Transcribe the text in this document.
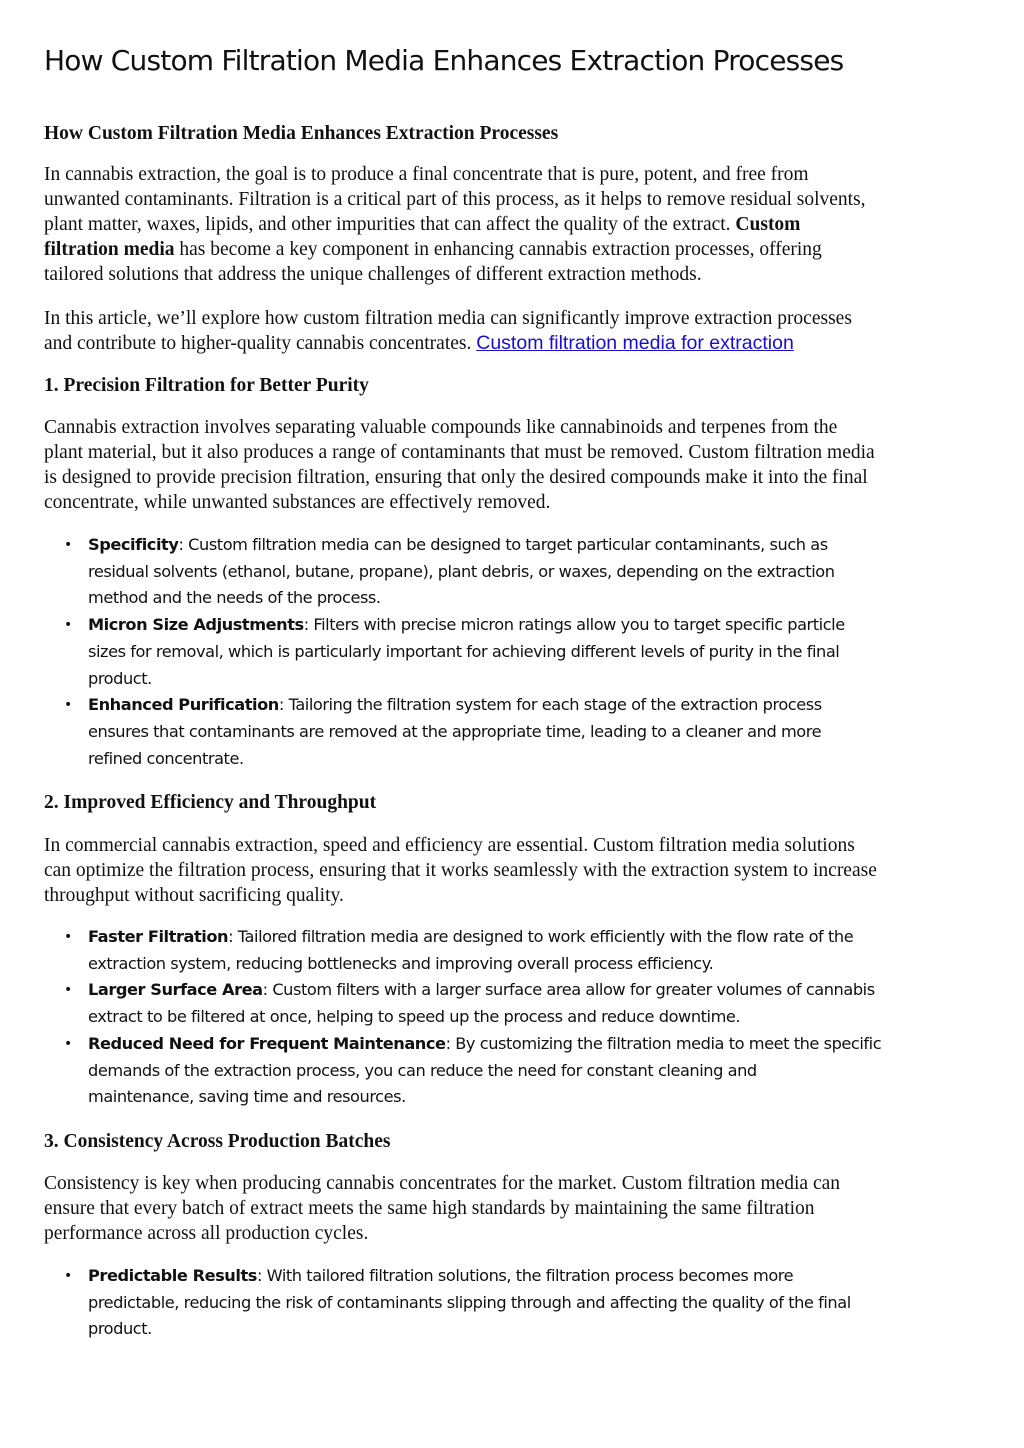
How Custom Filtration Media Enhances Extraction Processes
How Custom Filtration Media Enhances Extraction Processes

In cannabis extraction, the goal is to produce a final concentrate that is pure, potent, and free from
unwanted contaminants. Filtration is a critical part of this process, as it helps to remove residual solvents,
plant matter, waxes, lipids, and other impurities that can affect the quality of the extract. Custom
filtration media has become a key component in enhancing cannabis extraction processes, offering
tailored solutions that address the unique challenges of different extraction methods.

In this article, we’ll explore how custom filtration media can significantly improve extraction processes
and contribute to higher-quality cannabis concentrates. Custom filtration media for extraction

1. Precision Filtration for Better Purity

Cannabis extraction involves separating valuable compounds like cannabinoids and terpenes from the
plant material, but it also produces a range of contaminants that must be removed. Custom filtration media
is designed to provide precision filtration, ensuring that only the desired compounds make it into the final
concentrate, while unwanted substances are effectively removed.

• Specificity: Custom filtration media can be designed to target particular contaminants, such as
residual solvents (ethanol, butane, propane), plant debris, or waxes, depending on the extraction
method and the needs of the process.
• Micron Size Adjustments: Filters with precise micron ratings allow you to target specific particle
sizes for removal, which is particularly important for achieving different levels of purity in the final
product.
• Enhanced Purification: Tailoring the filtration system for each stage of the extraction process
ensures that contaminants are removed at the appropriate time, leading to a cleaner and more
refined concentrate.
2. Improved Efficiency and Throughput

In commercial cannabis extraction, speed and efficiency are essential. Custom filtration media solutions
can optimize the filtration process, ensuring that it works seamlessly with the extraction system to increase
throughput without sacrificing quality.

• Faster Filtration: Tailored filtration media are designed to work efficiently with the flow rate of the
extraction system, reducing bottlenecks and improving overall process efficiency.
• Larger Surface Area: Custom filters with a larger surface area allow for greater volumes of cannabis
extract to be filtered at once, helping to speed up the process and reduce downtime.
• Reduced Need for Frequent Maintenance: By customizing the filtration media to meet the specific
demands of the extraction process, you can reduce the need for constant cleaning and
maintenance, saving time and resources.
3. Consistency Across Production Batches

Consistency is key when producing cannabis concentrates for the market. Custom filtration media can
ensure that every batch of extract meets the same high standards by maintaining the same filtration
performance across all production cycles.

• Predictable Results: With tailored filtration solutions, the filtration process becomes more
predictable, reducing the risk of contaminants slipping through and affecting the quality of the final
product.
